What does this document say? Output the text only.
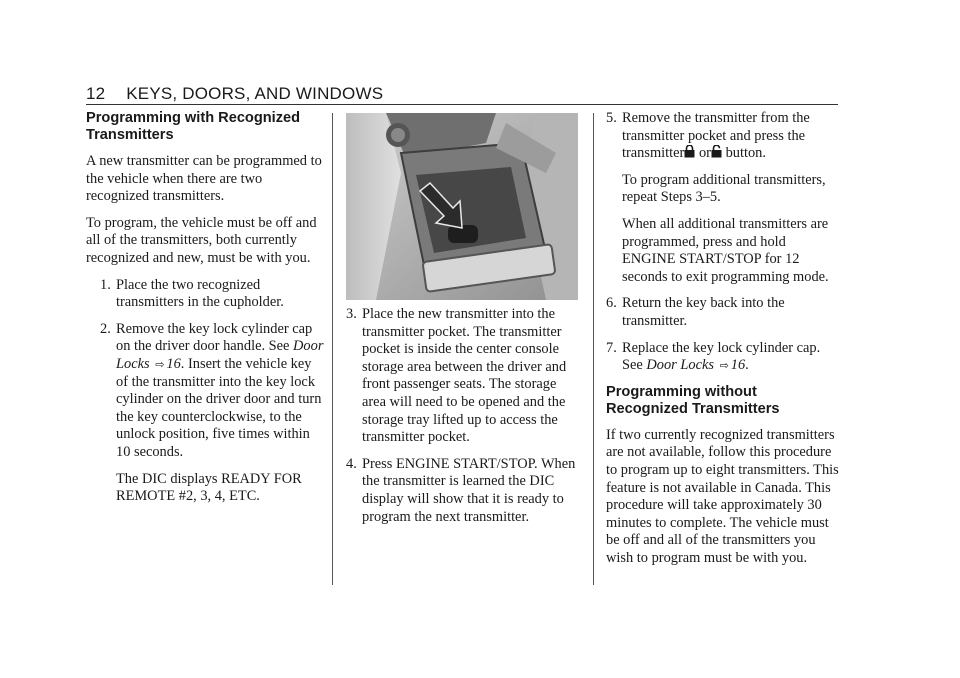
12 KEYS, DOORS, AND WINDOWS
Programming with Recognized Transmitters

A new transmitter can be programmed to the vehicle when there are two recognized transmitters.

To program, the vehicle must be off and all of the transmitters, both currently recognized and new, must be with you.

1. Place the two recognized transmitters in the cupholder.
2. Remove the key lock cylinder cap on the driver door handle. See Door Locks ⇨ 16. Insert the vehicle key of the transmitter into the key lock cylinder on the driver door and turn the key counterclockwise, to the unlock position, five times within 10 seconds.

The DIC displays READY FOR REMOTE #2, 3, 4, ETC.

3. Place the new transmitter into the transmitter pocket. The transmitter pocket is inside the center console storage area between the driver and front passenger seats. The storage area will need to be opened and the storage tray lifted up to access the transmitter pocket.
4. Press ENGINE START/STOP. When the transmitter is learned the DIC display will show that it is ready to program the next transmitter.
5. Remove the transmitter from the transmitter pocket and press the transmitter or button.

To program additional transmitters, repeat Steps 3–5.

When all additional transmitters are programmed, press and hold ENGINE START/STOP for 12 seconds to exit programming mode.

6. Return the key back into the transmitter.
7. Replace the key lock cylinder cap. See Door Locks ⇨ 16.
Programming without Recognized Transmitters

If two currently recognized transmitters are not available, follow this procedure to program up to eight transmitters. This feature is not available in Canada. This procedure will take approximately 30 minutes to complete. The vehicle must be off and all of the transmitters you wish to program must be with you.
